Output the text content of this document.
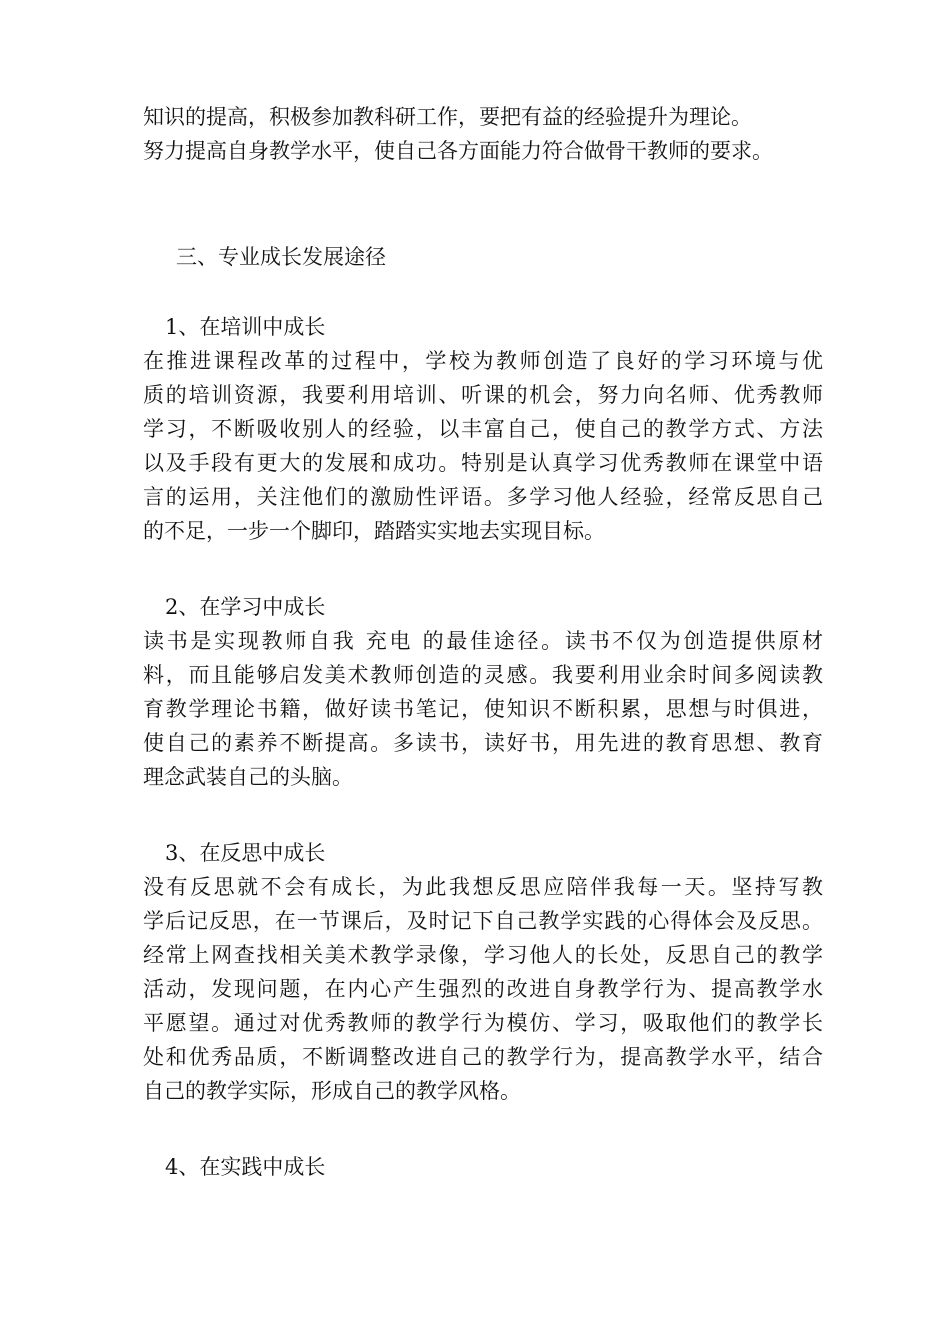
知识的提高，积极参加教科研工作，要把有益的经验提升为理论。
努力提高自身教学水平，使自己各方面能力符合做骨干教师的要求。
三、专业成长发展途径
1、在培训中成长
在推进课程改革的过程中，学校为教师创造了良好的学习环境与优
质的培训资源，我要利用培训、听课的机会，努力向名师、优秀教师
学习，不断吸收别人的经验，以丰富自己，使自己的教学方式、方法
以及手段有更大的发展和成功。特别是认真学习优秀教师在课堂中语
言的运用，关注他们的激励性评语。多学习他人经验，经常反思自己
的不足，一步一个脚印，踏踏实实地去实现目标。
2、在学习中成长
读书是实现教师自我 充电 的最佳途径。读书不仅为创造提供原材
料，而且能够启发美术教师创造的灵感。我要利用业余时间多阅读教
育教学理论书籍，做好读书笔记，使知识不断积累，思想与时俱进，
使自己的素养不断提高。多读书，读好书，用先进的教育思想、教育
理念武装自己的头脑。
3、在反思中成长
没有反思就不会有成长，为此我想反思应陪伴我每一天。坚持写教
学后记反思，在一节课后，及时记下自己教学实践的心得体会及反思。
经常上网查找相关美术教学录像，学习他人的长处，反思自己的教学
活动，发现问题，在内心产生强烈的改进自身教学行为、提高教学水
平愿望。通过对优秀教师的教学行为模仿、学习，吸取他们的教学长
处和优秀品质，不断调整改进自己的教学行为，提高教学水平，结合
自己的教学实际，形成自己的教学风格。
4、在实践中成长
